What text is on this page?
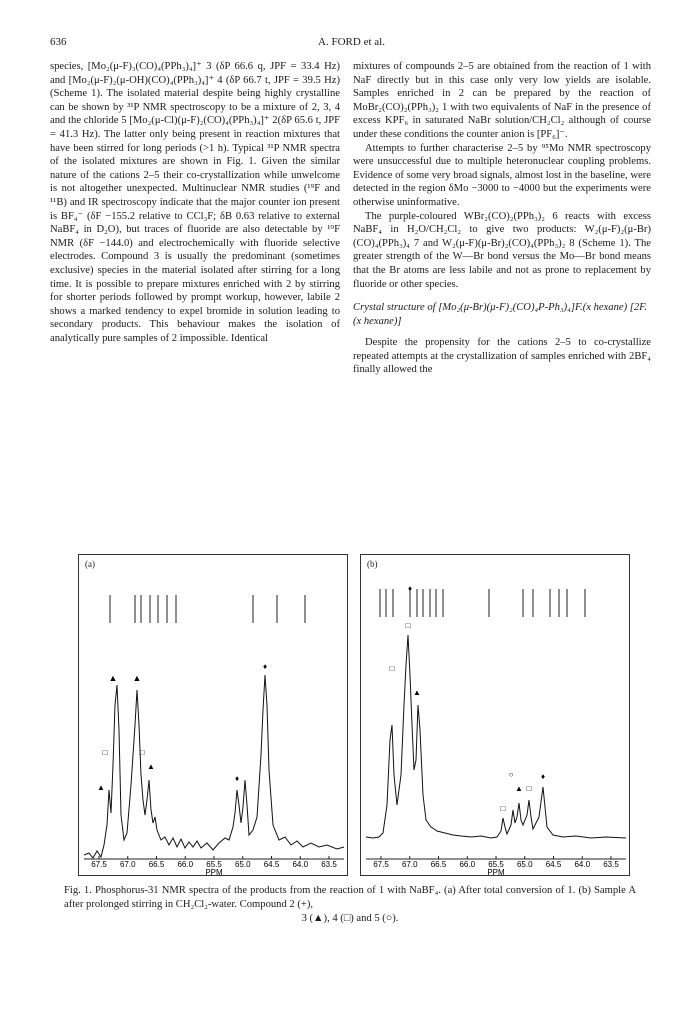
636	A. FORD et al.

species, [Mo₂(μ-F)₃(CO)₄(PPh₃)₄]⁺ 3 (δP 66.6 q, JPF = 33.4 Hz) and [Mo₂(μ-F)₂(μ-OH)(CO)₄(PPh₃)₄]⁺ 4 (δP 66.7 t, JPF = 39.5 Hz) (Scheme 1). The isolated material despite being highly crystalline can be shown by ³¹P NMR spectroscopy to be a mixture of 2, 3, 4 and the chloride 5 [Mo₂(μ-Cl)(μ-F)₂(CO)₄(PPh₃)₄]⁺ 2(δP 65.6 t, JPF = 41.3 Hz). The latter only being present in reaction mixtures that have been stirred for long periods (>1 h). Typical ³¹P NMR spectra of the isolated mixtures are shown in Fig. 1. Given the similar nature of the cations 2–5 their co-crystallization while unwelcome is not altogether unexpected. Multinuclear NMR studies (¹⁹F and ¹¹B) and IR spectroscopy indicate that the major counter ion present is BF₄⁻ (δF −155.2 relative to CCl₃F; δB 0.63 relative to external NaBF₄ in D₂O), but traces of fluoride are also detectable by ¹⁹F NMR (δF −144.0) and electrochemically with fluoride selective electrodes. Compound 3 is usually the predominant (sometimes exclusive) species in the material isolated after stirring for a long time. It is possible to prepare mixtures enriched with 2 by stirring for shorter periods followed by prompt workup, however, labile 2 shows a marked tendency to expel bromide in solution leading to secondary products. This behaviour makes the isolation of analytically pure samples of 2 impossible. Identical

mixtures of compounds 2–5 are obtained from the reaction of 1 with NaF directly but in this case only very low yields are isolable. Samples enriched in 2 can be prepared by the reaction of MoBr₂(CO)₂(PPh₃)₂ 1 with two equivalents of NaF in the presence of excess KPF₆ in saturated NaBr solution/CH₂Cl₂ although of course under these conditions the counter anion is [PF₆]⁻.

Attempts to further characterise 2–5 by ⁹⁵Mo NMR spectroscopy were unsuccessful due to multiple heteronuclear coupling problems. Evidence of some very broad signals, almost lost in the baseline, were detected in the region δMo −3000 to −4000 but the experiments were otherwise uninformative.

The purple-coloured WBr₂(CO)₂(PPh₃)₂ 6 reacts with excess NaBF₄ in H₂O/CH₂Cl₂ to give two products: W₂(μ-F)₂(μ-Br)(CO)₄(PPh₃)₄ 7 and W₂(μ-F)(μ-Br)₂(CO)₄(PPh₃)₂ 8 (Scheme 1). The greater strength of the W—Br bond versus the Mo—Br bond means that the Br atoms are less labile and not as prone to replacement by fluoride or other species.

Crystal structure of [Mo₂(μ-Br)(μ-F)₂(CO)₄P-Ph₃)₄]F.(x hexane) [2F.(x hexane)]

Despite the propensity for the cations 2–5 to co-crystallize repeated attempts at the crystallization of samples enriched with 2BF₄ finally allowed the

(a)
▲ ▲
□	□
▲
▲
♦
♦
67.5 67.0 66.5 66.0 65.5 65.0 64.5 64.0 63.5
PPM
(b)
□
□
♦
▲
○
▲
□
□
♦
67.5 67.0 66.5 66.0 65.5 65.0 64.5 64.0 63.5
PPM
Fig. 1. Phosphorus-31 NMR spectra of the products from the reaction of 1 with NaBF₄. (a) After total conversion of 1. (b) Sample A after prolonged stirring in CH₂Cl₂-water. Compound 2 (+),
3 (▲), 4 (□) and 5 (○).
